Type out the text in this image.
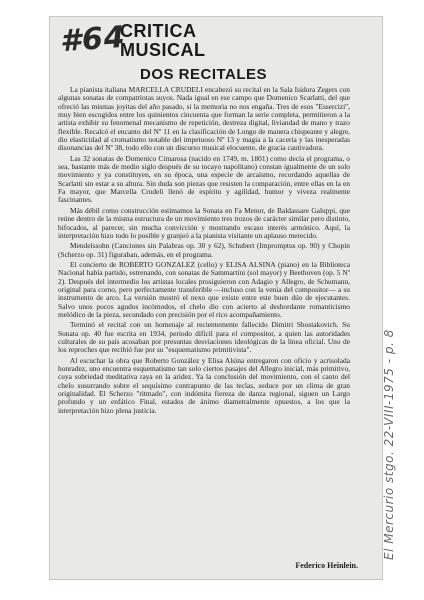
#64
CRITICA MUSICAL
DOS RECITALES

La pianista italiana MARCELLA CRUDELI encabezó su recital en la Sala Isidora Zegers con algunas sonatas de compatriotas suyos. Nada igual en ese campo que Domenico Scarlatti, del que ofreció las mismas joyitas del año pasado, si la memoria no nos engaña. Tres de esos "Essercizi", muy bien escogidos entre los quinientos cincuenta que forman la serie completa, permitieron a la artista exhibir su fenomenal mecanismo de repetición, destreza digital, liviandad de mano y trazo flexible. Recalcó el encanto del Nº 11 en la clasificación de Longo de manera chispeante y alegre, dio elasticidad al cromatismo notable del impetuoso Nº 13 y magia a la caceria y las inesperadas disonancias del Nº 38, todo ello con un discurso musical elocuente, de gracia cautivadora.

Las 32 sonatas de Domenico Cimarosa (nacido en 1749, m. 1801) como decía el programa, o sea, bastante más de medio siglo después de su tocayo napolitano) constan igualmente de un solo movimiento y ya constituyen, en su época, una especie de arcaísmo, recordando aquellas de Scarlatti sin estar a su altura. Sin duda son piezas que resisten la comparación, entre ellas en la en Fa mayor, que Marcella Crudeli llenó de espíritu y agilidad, humor y viveza realmente fascinantes.

Más débil como construcción estimamos la Sonata en Fa Menor, de Baldassare Galuppi, que reúne dentro de la misma estructura de un movimiento tres trozos de carácter similar pero distinto, bifocados, al parecer, sin mucha convicción y mostrando escaso interés armónico. Aquí, la interpretación hizo todo lo posible y granjeó a la pianista visitante un aplauso merecido.

Mendelssohn (Canciones sin Palabras op. 30 y 62), Schubert (Impromptus op. 90) y Chopin (Scherzo op. 31) figuraban, además, en el programa.

El concierto de ROBERTO GONZALEZ (cello) y ELISA ALSINA (piano) en la Biblioteca Nacional había partido, estrenando, con sonatas de Sammartini (sol mayor) y Beethoven (op. 5 Nº 2). Después del intermedio los artistas locales prosiguieron con Adagio y Allegro, de Schumann, original para corno, pero perfectamente transferible —incluso con la venia del compositor— a su instrumento de arco. La versión mostró el nexo que existe entre este buen dúo de ejecutantes. Salvo unos pocos agudos incómodos, el chelo dio con acierto al desbordante romanticismo melódico de la pieza, secundado con precisión por el rico acompañamiento.

Terminó el recital con un homenaje al recientemente fallecido Dimitri Shostakovich. Su Sonata op. 40 fue escrita en 1934, período difícil para el compositor, a quien las autoridades culturales de su país acosaban por presuntas desviaciones ideológicas de la línea oficial. Uno de los reproches que recibió fue por su "esquematismo primitivista".

Al escuchar la obra que Roberto González y Elisa Alsina entregaron con oficio y acrisolada honradez, uno encuentra esquematismo tan solo ciertos pasajes del Allegro inicial, más primitivo, cuya sobriedad meditativa raya en la aridez. Ya la conclusión del movimiento, con el canto del chelo susurrando sobre el sequísimo contrapunto de las teclas, seduce por un clima de gran originalidad. El Scherzo "ritmado", con indómita fiereza de danza regional, siguen un Largo profundo y un enfático Final, estados de ánimo diametralmente opuestos, a los que la interpretación hizo plena justicia.

Federico Heinlein.
El Mercurio stgo. 22-VIII-1975 - p. 8
